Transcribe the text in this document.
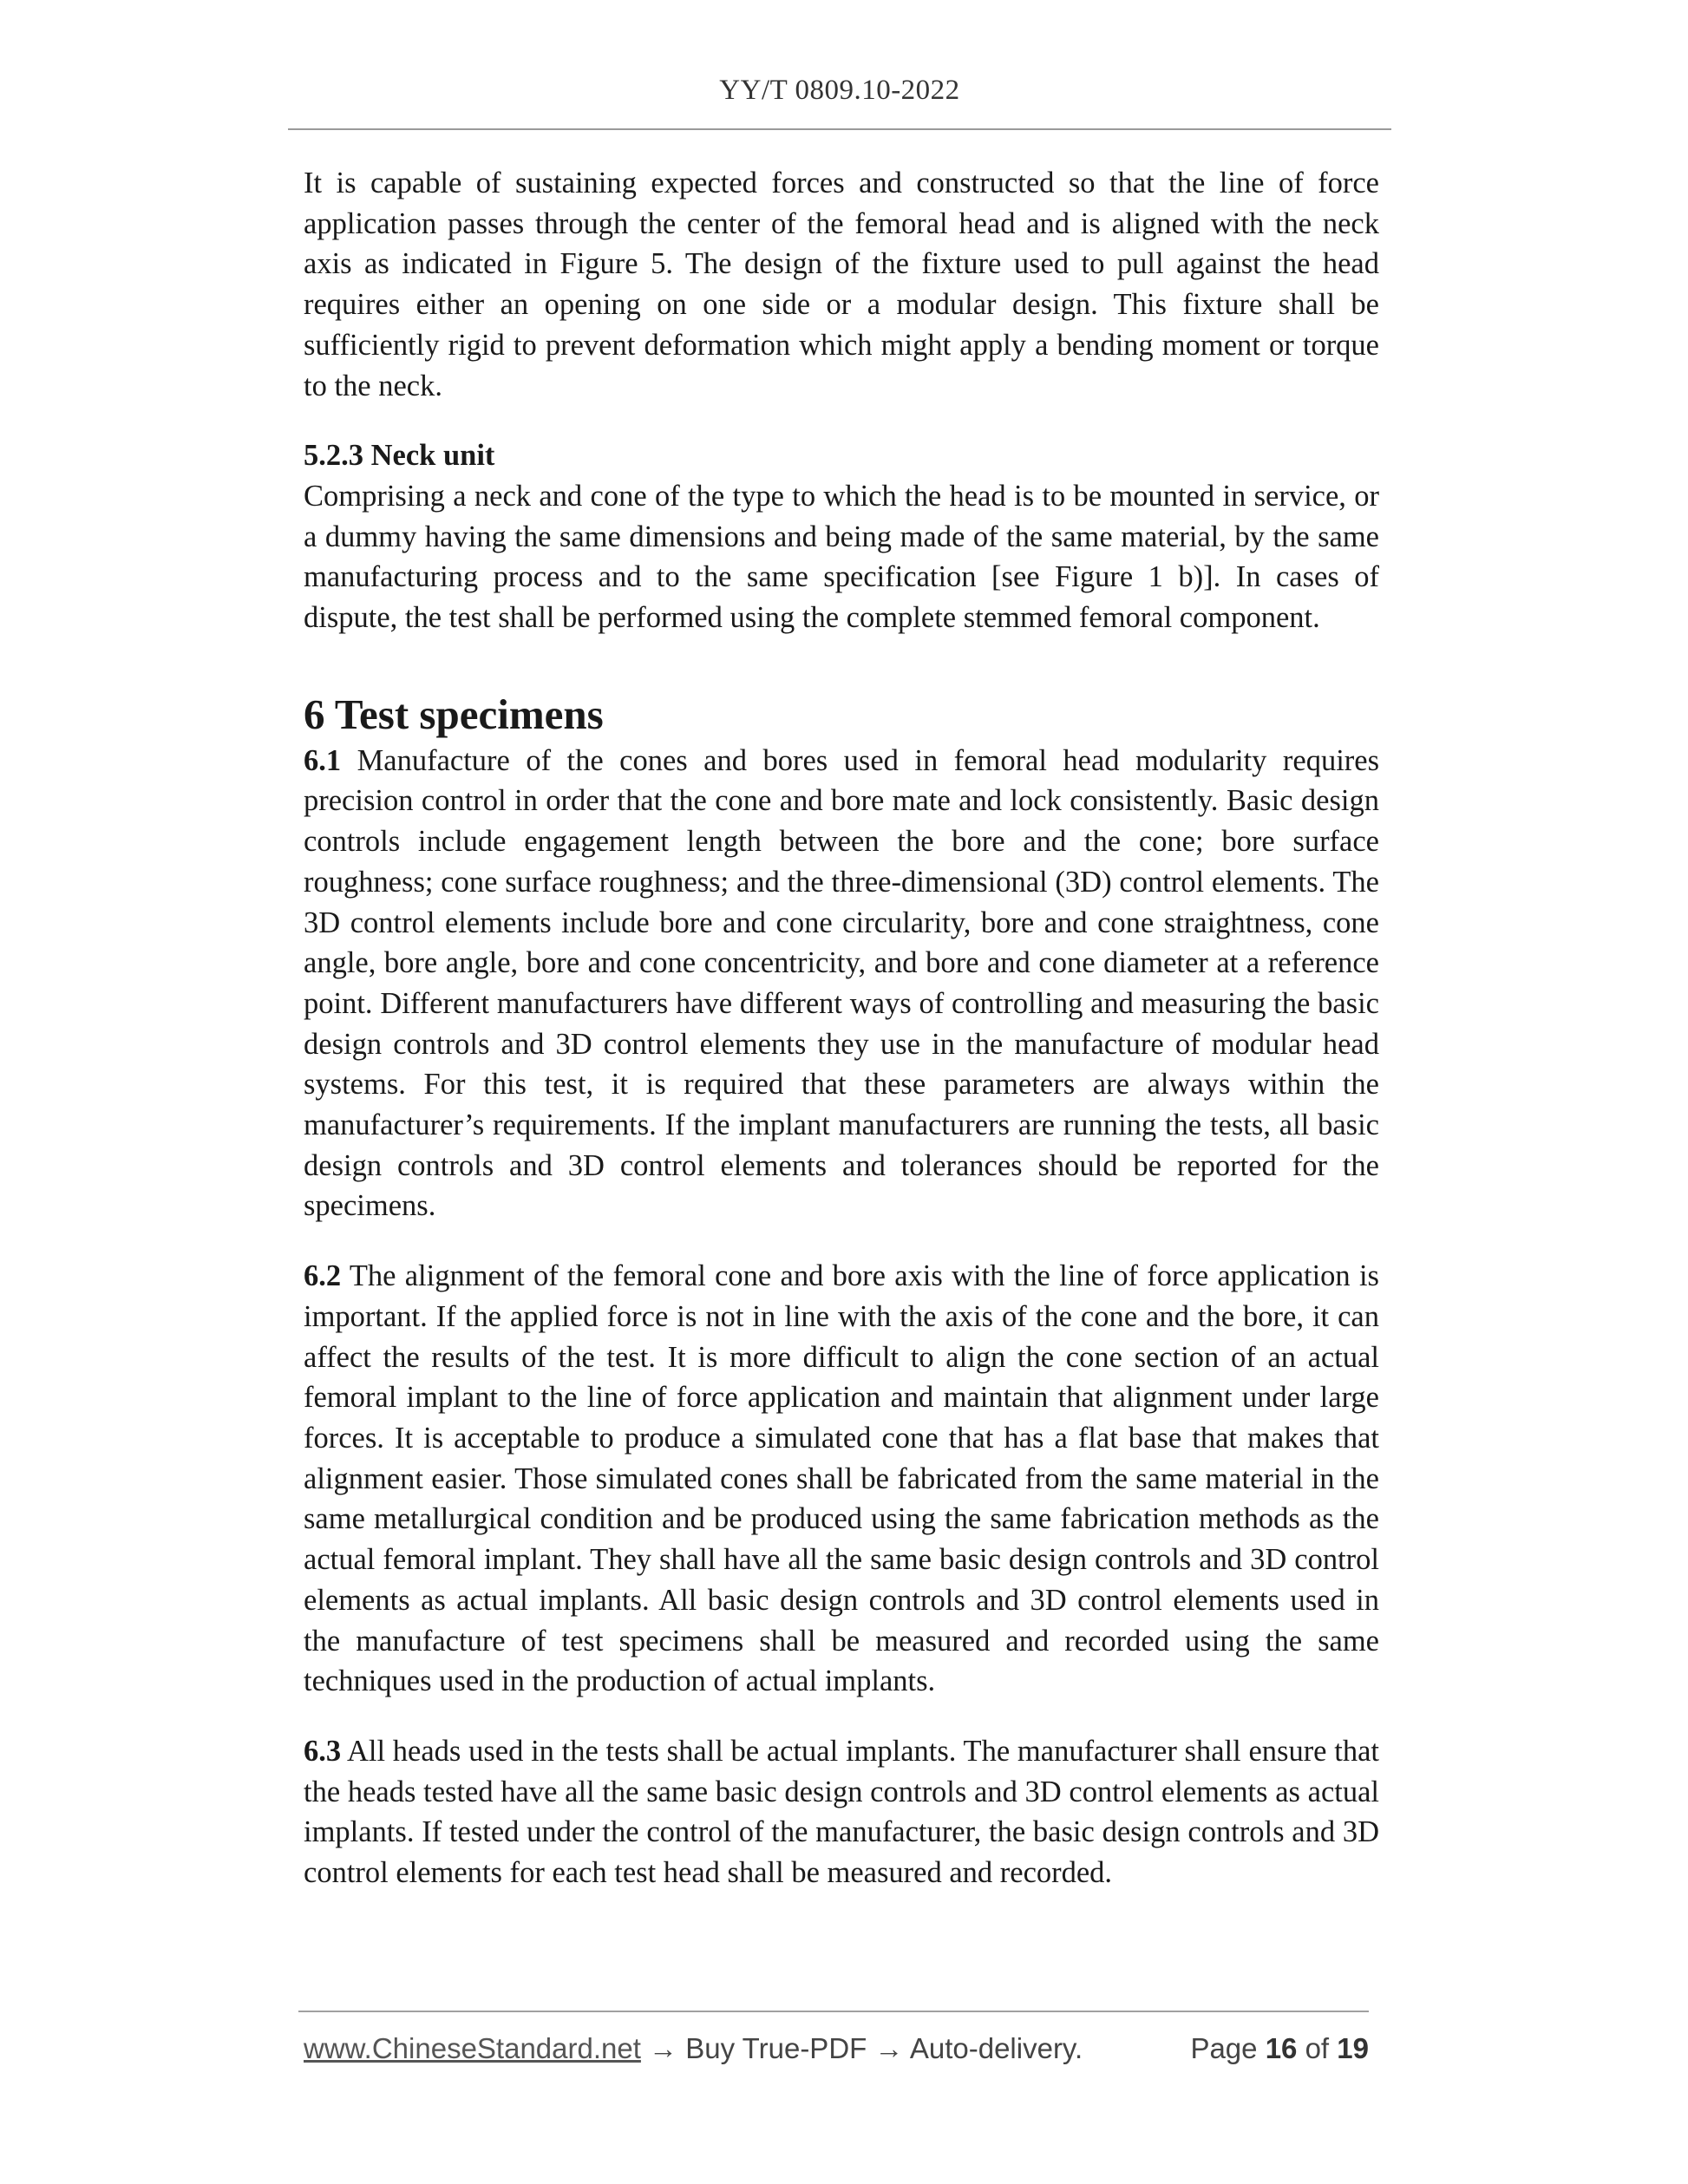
YY/T 0809.10-2022

It is capable of sustaining expected forces and constructed so that the line of force application passes through the center of the femoral head and is aligned with the neck axis as indicated in Figure 5. The design of the fixture used to pull against the head requires either an opening on one side or a modular design. This fixture shall be sufficiently rigid to prevent deformation which might apply a bending moment or torque to the neck.

5.2.3 Neck unit

Comprising a neck and cone of the type to which the head is to be mounted in service, or a dummy having the same dimensions and being made of the same material, by the same manufacturing process and to the same specification [see Figure 1 b)]. In cases of dispute, the test shall be performed using the complete stemmed femoral component.

6 Test specimens

6.1 Manufacture of the cones and bores used in femoral head modularity requires precision control in order that the cone and bore mate and lock consistently. Basic design controls include engagement length between the bore and the cone; bore surface roughness; cone surface roughness; and the three-dimensional (3D) control elements. The 3D control elements include bore and cone circularity, bore and cone straightness, cone angle, bore angle, bore and cone concentricity, and bore and cone diameter at a reference point. Different manufacturers have different ways of controlling and measuring the basic design controls and 3D control elements they use in the manufacture of modular head systems. For this test, it is required that these parameters are always within the manufacturer’s requirements. If the implant manufacturers are running the tests, all basic design controls and 3D control elements and tolerances should be reported for the specimens.

6.2 The alignment of the femoral cone and bore axis with the line of force application is important. If the applied force is not in line with the axis of the cone and the bore, it can affect the results of the test. It is more difficult to align the cone section of an actual femoral implant to the line of force application and maintain that alignment under large forces. It is acceptable to produce a simulated cone that has a flat base that makes that alignment easier. Those simulated cones shall be fabricated from the same material in the same metallurgical condition and be produced using the same fabrication methods as the actual femoral implant. They shall have all the same basic design controls and 3D control elements as actual implants. All basic design controls and 3D control elements used in the manufacture of test specimens shall be measured and recorded using the same techniques used in the production of actual implants.

6.3 All heads used in the tests shall be actual implants. The manufacturer shall ensure that the heads tested have all the same basic design controls and 3D control elements as actual implants. If tested under the control of the manufacturer, the basic design controls and 3D control elements for each test head shall be measured and recorded.

www.ChineseStandard.net → Buy True-PDF → Auto-delivery.	Page 16 of 19
